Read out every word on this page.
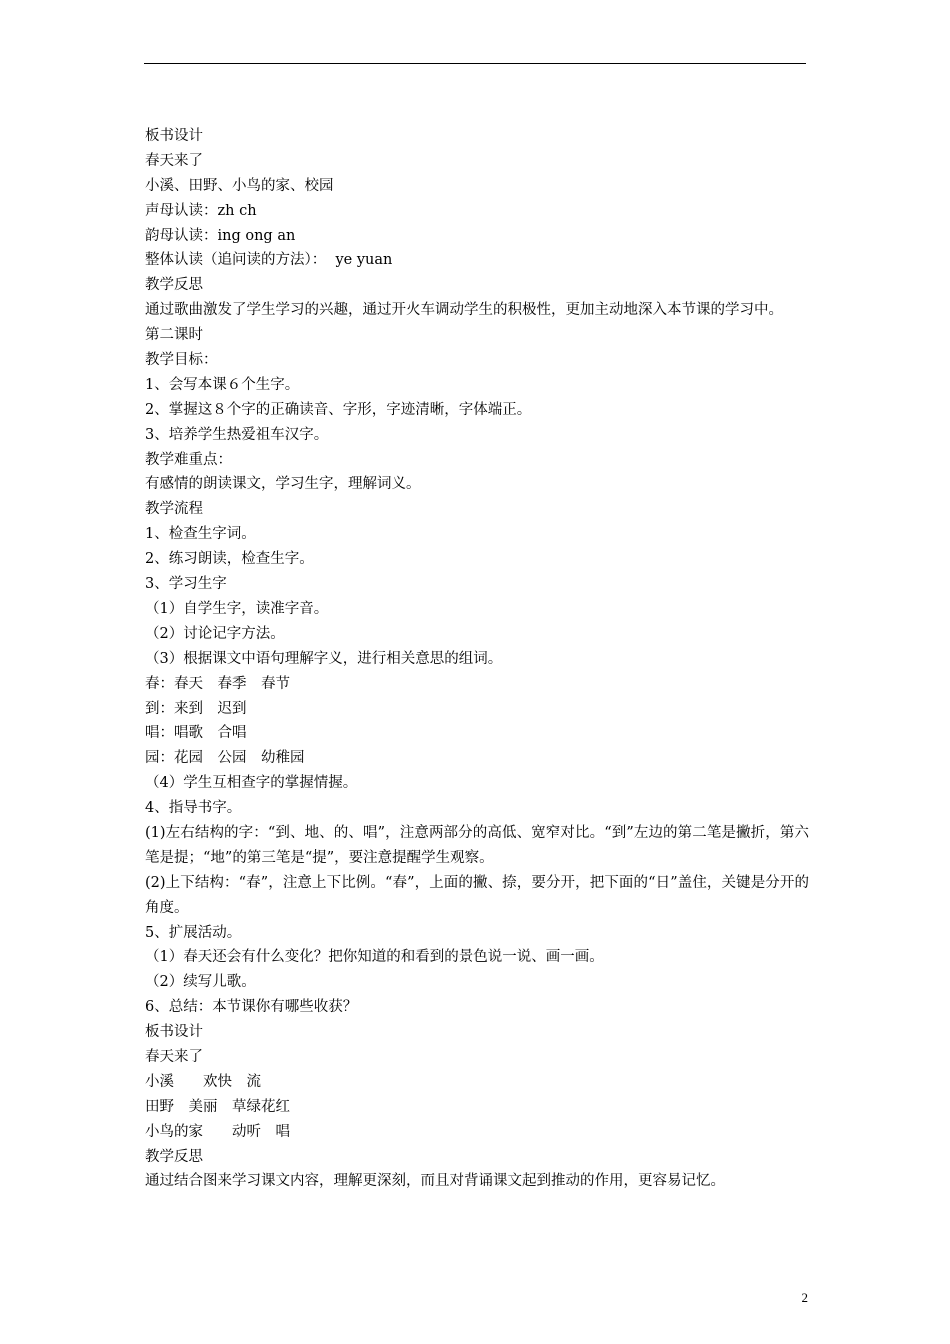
板书设计

春天来了

小溪、田野、小鸟的家、校园

声母认读：zh ch

韵母认读：ing ong an

整体认读（追问读的方法）：  ye yuan

教学反思

通过歌曲激发了学生学习的兴趣，通过开火车调动学生的积极性，更加主动地深入本节课的学习中。

第二课时

教学目标：

1、会写本课６个生字。

2、掌握这８个字的正确读音、字形，字迹清晰，字体端正。

3、培养学生热爱祖车汉字。

教学难重点：

有感情的朗读课文，学习生字，理解词义。

教学流程

1、检查生字词。

2、练习朗读，检查生字。

3、学习生字

（1）自学生字，读准字音。

（2）讨论记字方法。

（3）根据课文中语句理解字义，进行相关意思的组词。

春：春天　春季　春节

到：来到　迟到

唱：唱歌　合唱

园：花园　公园　幼稚园

（4）学生互相查字的掌握情握。

4、指导书字。

(1)左右结构的字：“到、地、的、唱”，注意两部分的高低、宽窄对比。“到”左边的第二笔是撇折，第六笔是提；“地”的第三笔是“提”，要注意提醒学生观察。

(2)上下结构：“春”，注意上下比例。“春”，上面的撇、捺，要分开，把下面的“日”盖住，关键是分开的角度。

5、扩展活动。

（1）春天还会有什么变化？把你知道的和看到的景色说一说、画一画。

（2）续写儿歌。

6、总结：本节课你有哪些收获？

板书设计

春天来了

小溪　　欢快　流

田野　美丽　草绿花红

小鸟的家　　动听　唱

教学反思

通过结合图来学习课文内容，理解更深刻，而且对背诵课文起到推动的作用，更容易记忆。

2
